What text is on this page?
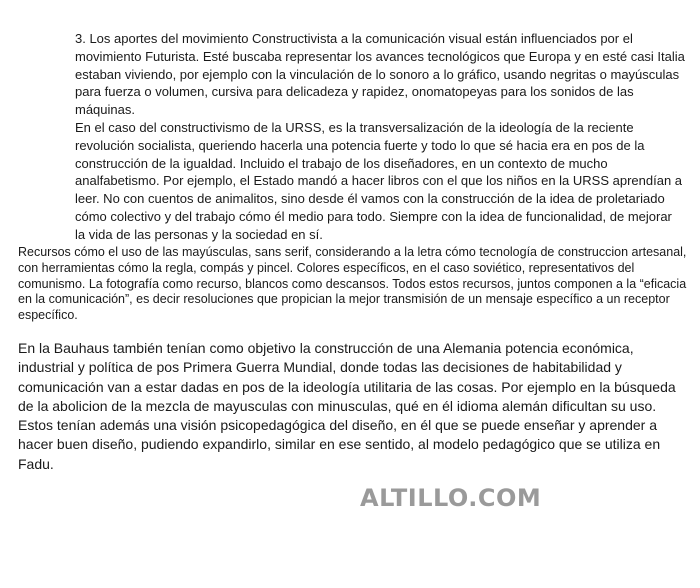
3. Los aportes del movimiento Constructivista a la comunicación visual están influenciados por el movimiento Futurista. Esté buscaba representar los avances tecnológicos que Europa y en esté casi Italia estaban viviendo, por ejemplo con la vinculación de lo sonoro a lo gráfico, usando negritas o mayúsculas para fuerza o volumen, cursiva para delicadeza y rapidez, onomatopeyas para los sonidos de las máquinas.

En el caso del constructivismo de la URSS, es la transversalización de la ideología de la reciente revolución socialista, queriendo hacerla una potencia fuerte y todo lo que sé hacia era en pos de la construcción de la igualdad. Incluido el trabajo de los diseñadores, en un contexto de mucho analfabetismo. Por ejemplo, el Estado mandó a hacer libros con el que los niños en la URSS aprendían a leer. No con cuentos de animalitos, sino desde él vamos con la construcción de la idea de proletariado cómo colectivo y del trabajo cómo él medio para todo. Siempre con la idea de funcionalidad, de mejorar la vida de las personas y la sociedad en sí.

Recursos cómo el uso de las mayúsculas, sans serif, considerando a la letra cómo tecnología de construccion artesanal, con herramientas cómo la regla, compás y pincel. Colores específicos, en el caso soviético, representativos del comunismo. La fotografía como recurso, blancos como descansos. Todos estos recursos, juntos componen a la “eficacia en la comunicación”, es decir resoluciones que propician la mejor transmisión de un mensaje específico a un receptor específico.

En la Bauhaus también tenían como objetivo la construcción de una Alemania potencia económica, industrial y política de pos Primera Guerra Mundial, donde todas las decisiones de habitabilidad y comunicación van a estar dadas en pos de la ideología utilitaria de las cosas. Por ejemplo en la búsqueda de la abolicion de la mezcla de mayusculas con minusculas, qué en él idioma alemán dificultan su uso. Estos tenían además una visión psicopedagógica del diseño, en él que se puede enseñar y aprender a hacer buen diseño, pudiendo expandirlo, similar en ese sentido, al modelo pedagógico que se utiliza en Fadu.

ALTILLO.COM
